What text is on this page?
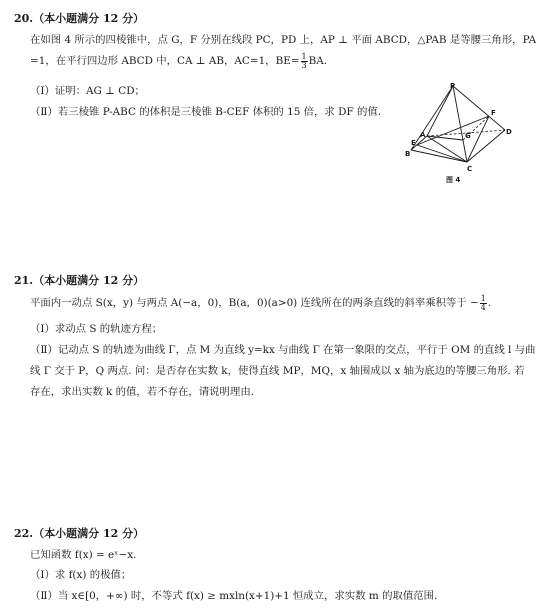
20.（本小题满分 12 分）
在如图 4 所示的四棱锥中，点 G，F 分别在线段 PC，PD 上，AP ⊥ 平面 ABCD，△PAB 是等腰三角形，PA
=1，在平行四边形 ABCD 中，CA ⊥ AB，AC=1，$BE= \frac{1}{3}$ BA.
（Ⅰ）证明：AG ⊥ CD；
（Ⅱ）若三棱锥 P-ABC 的体积是三棱锥 B-CEF 体积的 15 倍，求 DF 的值.
P
A
B
C
D
E
F
G
图 4
21.（本小题满分 12 分）
平面内一动点 S(x，y) 与两点 A(−a，0)，B(a，0)(a>0) 连线所在的两条直线的斜率乘积等于 − $\frac{1}{4}$ .
（Ⅰ）求动点 S 的轨迹方程；
（Ⅱ）记动点 S 的轨迹为曲线 Γ，点 M 为直线 y=kx 与曲线 Γ 在第一象限的交点，平行于 OM 的直线 l 与曲
线 Γ 交于 P，Q 两点. 问：是否存在实数 k，使得直线 MP，MQ，x 轴围成以 x 轴为底边的等腰三角形. 若
存在，求出实数 k 的值，若不存在，请说明理由.
22.（本小题满分 12 分）
已知函数 f(x) = eˣ−x.
（Ⅰ）求 f(x) 的极值；
（Ⅱ）当 x∈[0，+∞) 时，不等式 f(x) ≥ mxln(x+1)+1 恒成立，求实数 m 的取值范围.
